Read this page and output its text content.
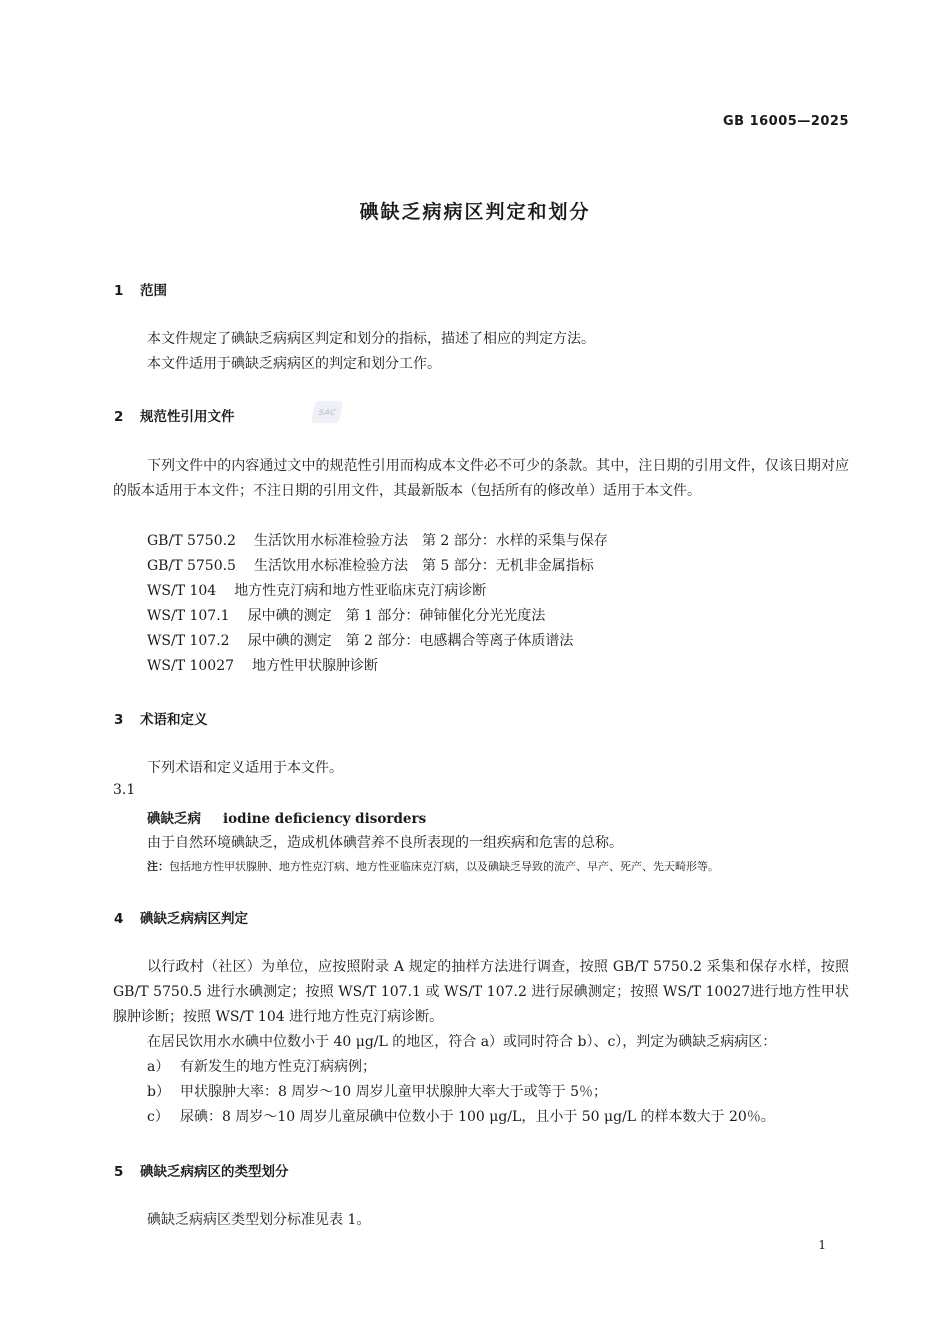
GB 16005—2025
碘缺乏病病区判定和划分
1 范围
本文件规定了碘缺乏病病区判定和划分的指标，描述了相应的判定方法。
本文件适用于碘缺乏病病区的判定和划分工作。
2 规范性引用文件	SAC
下列文件中的内容通过文中的规范性引用而构成本文件必不可少的条款。其中，注日期的引用文件，仅该日期对应的版本适用于本文件；不注日期的引用文件，其最新版本（包括所有的修改单）适用于本文件。
GB/T 5750.2 生活饮用水标准检验方法　第 2 部分：水样的采集与保存
GB/T 5750.5 生活饮用水标准检验方法　第 5 部分：无机非金属指标
WS/T 104 地方性克汀病和地方性亚临床克汀病诊断
WS/T 107.1 尿中碘的测定　第 1 部分：砷铈催化分光光度法
WS/T 107.2 尿中碘的测定　第 2 部分：电感耦合等离子体质谱法
WS/T 10027 地方性甲状腺肿诊断
3 术语和定义
下列术语和定义适用于本文件。
3.1
碘缺乏病 iodine deficiency disorders
由于自然环境碘缺乏，造成机体碘营养不良所表现的一组疾病和危害的总称。
注：包括地方性甲状腺肿、地方性克汀病、地方性亚临床克汀病，以及碘缺乏导致的流产、早产、死产、先天畸形等。
4 碘缺乏病病区判定
以行政村（社区）为单位，应按照附录 A 规定的抽样方法进行调查，按照 GB/T 5750.2 采集和保存水样，按照 GB/T 5750.5 进行水碘测定；按照 WS/T 107.1 或 WS/T 107.2 进行尿碘测定；按照 WS/T 10027进行地方性甲状腺肿诊断；按照 WS/T 104 进行地方性克汀病诊断。
在居民饮用水水碘中位数小于 40 μg/L 的地区，符合 a）或同时符合 b）、c），判定为碘缺乏病病区：
a） 有新发生的地方性克汀病病例；
b） 甲状腺肿大率：8 周岁～10 周岁儿童甲状腺肿大率大于或等于 5％；
c） 尿碘：8 周岁～10 周岁儿童尿碘中位数小于 100 μg/L，且小于 50 μg/L 的样本数大于 20％。
5 碘缺乏病病区的类型划分
碘缺乏病病区类型划分标准见表 1。
1
